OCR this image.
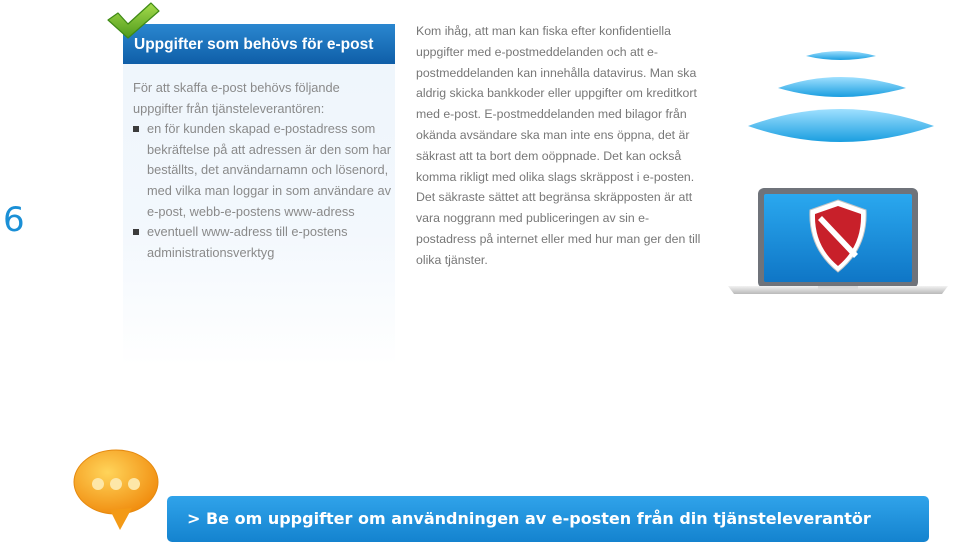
6
Uppgifter som behövs för e-post

För att skaffa e-post behövs följande uppgifter från tjänsteleverantören:

en för kunden skapad e-postadress som bekräftelse på att adressen är den som har beställts, det användarnamn och lösenord, med vilka man loggar in som användare av e-post, webb-e-postens www-adress
eventuell www-adress till e-postens administrationsverktyg

Kom ihåg, att man kan fiska efter konfidentiella uppgifter med e-postmeddelanden och att e-postmeddelanden kan innehålla datavirus. Man ska aldrig skicka bankkoder eller uppgifter om kreditkort med e-post. E-postmeddelanden med bilagor från okända avsändare ska man inte ens öppna, det är säkrast att ta bort dem oöppnade. Det kan också komma rikligt med olika slags skräppost i e-posten. Det säkraste sättet att begränsa skräpposten är att vara noggrann med publiceringen av sin e-postadress på internet eller med hur man ger den till olika tjänster.

> Be om uppgifter om användningen av e-posten från din tjänsteleverantör
